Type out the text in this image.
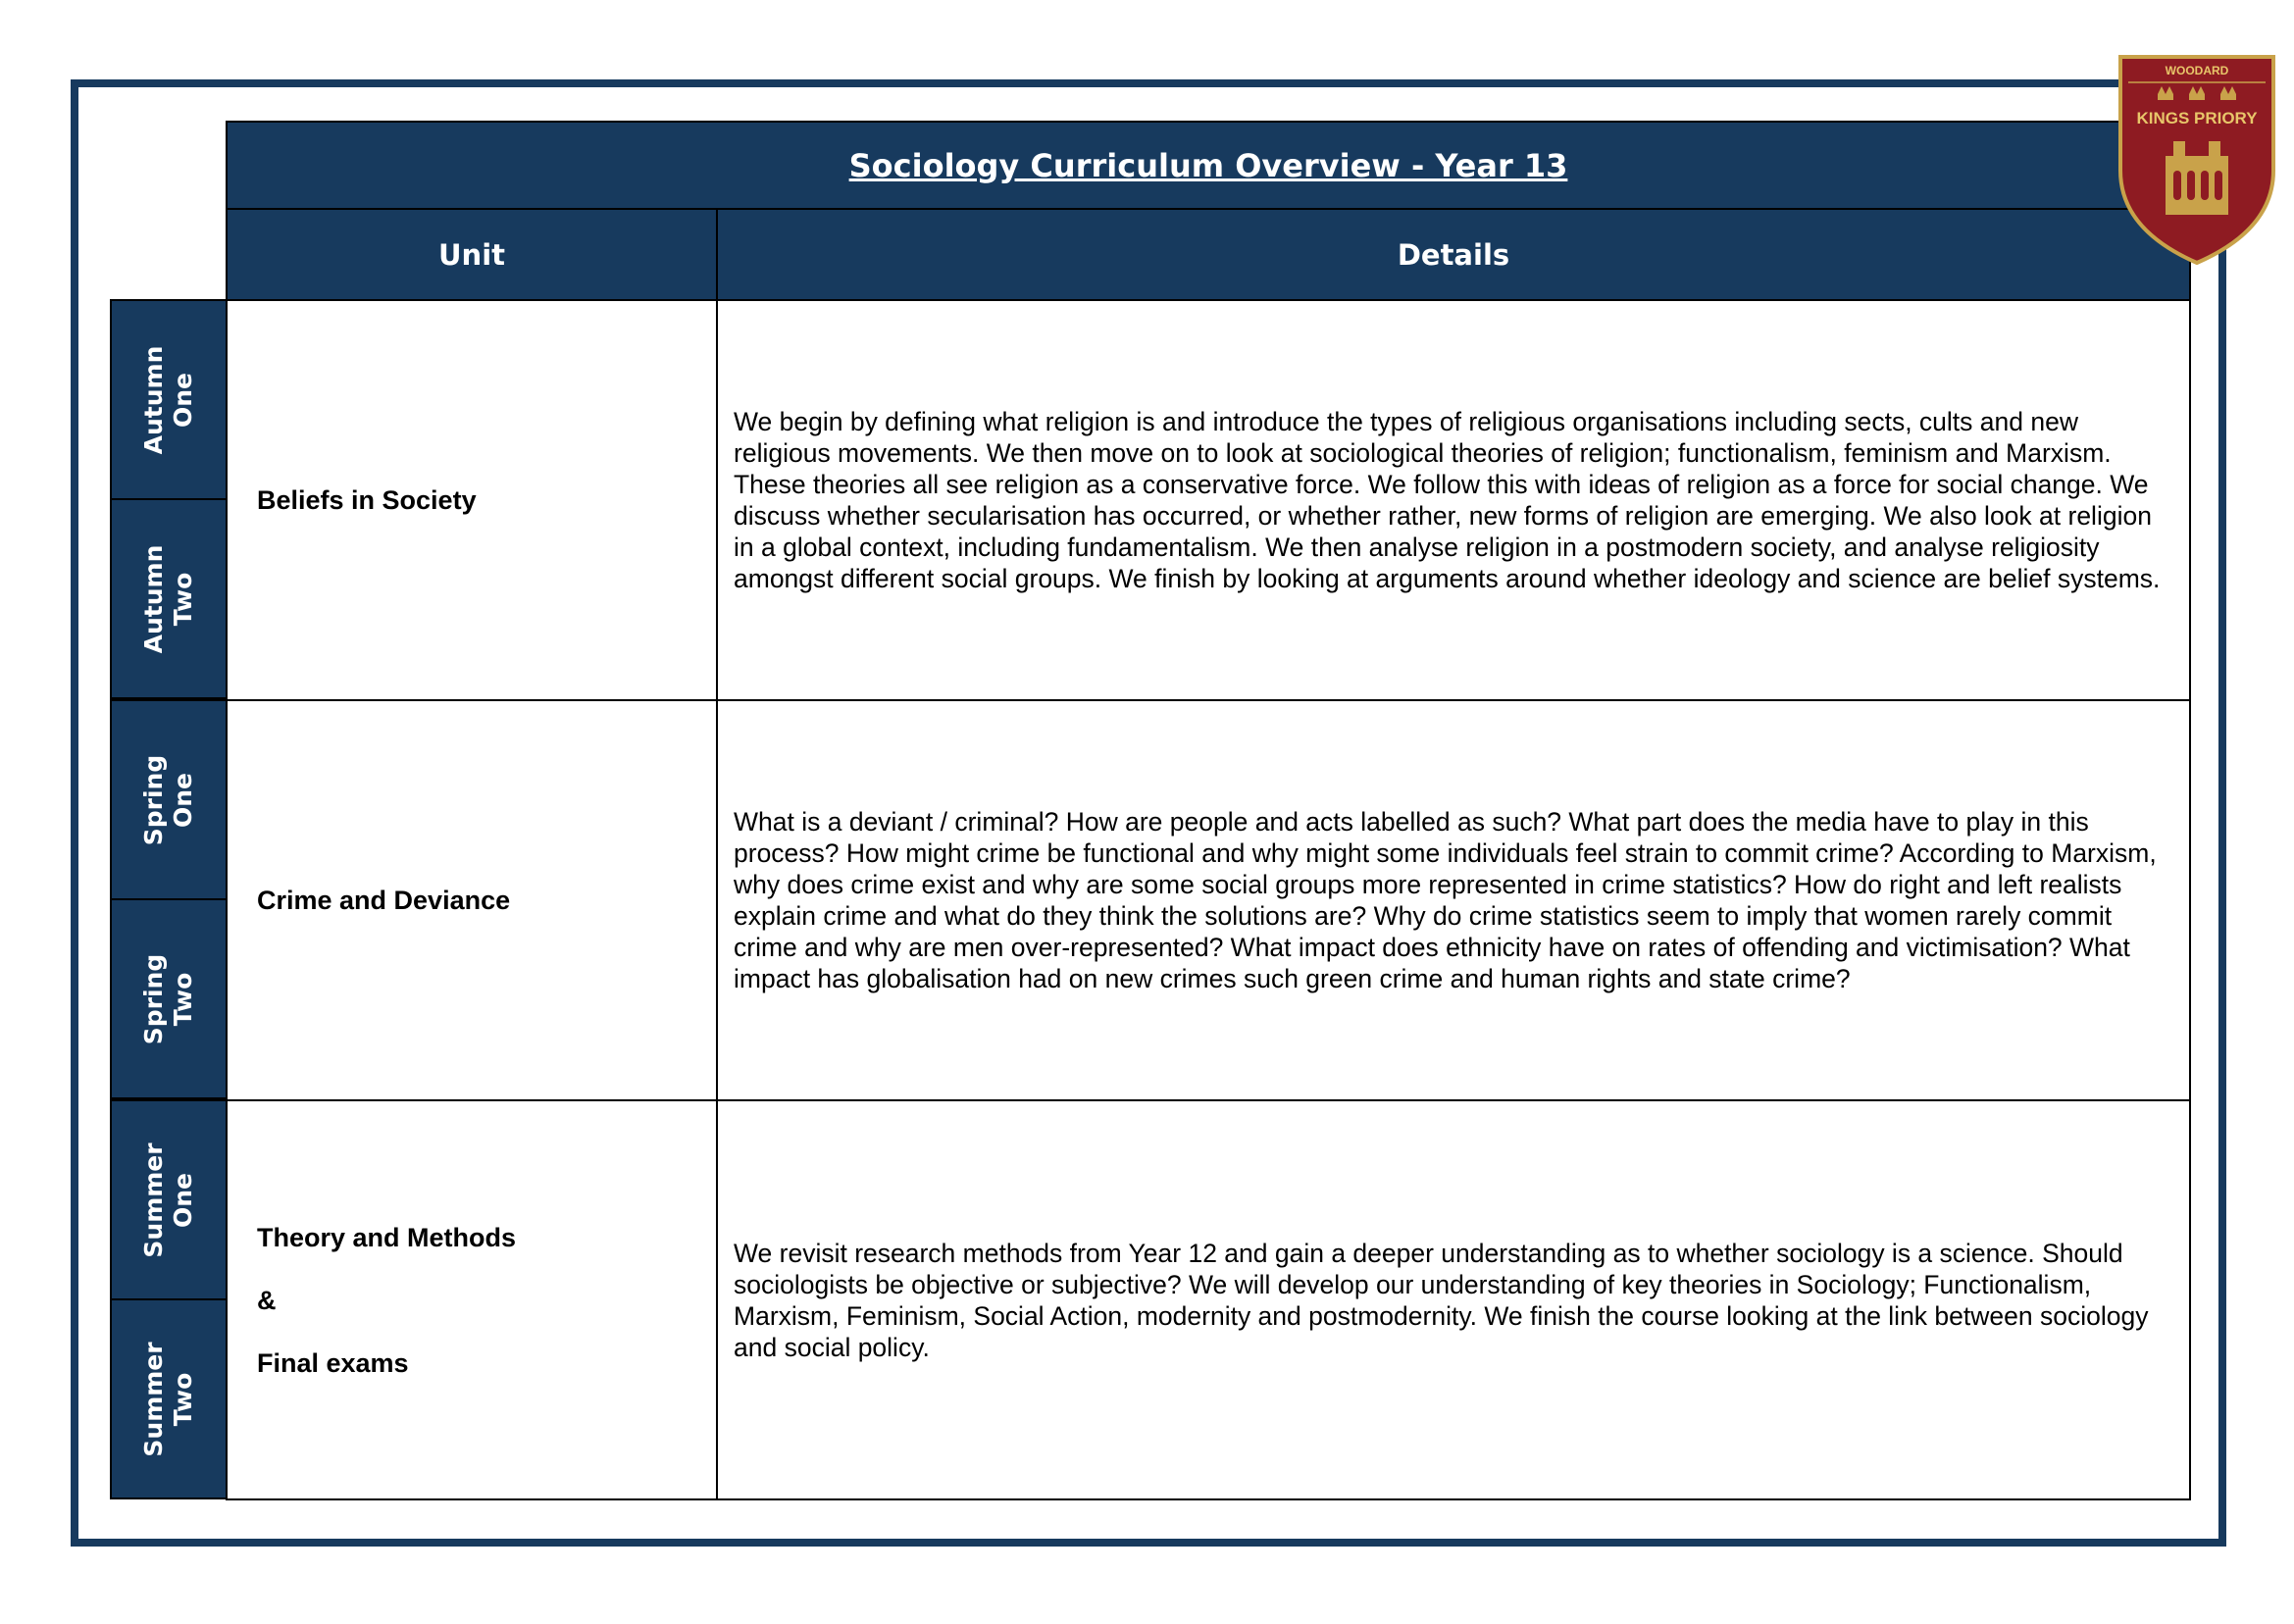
Sociology Curriculum Overview - Year 13
Unit	Details
Autumn
One
Autumn
Two
Spring
One
Spring
Two
Summer
One
Summer
Two
Beliefs in Society
We begin by defining what religion is and introduce the types of religious organisations including sects, cults and new religious movements. We then move on to look at sociological theories of religion; functionalism, feminism and Marxism. These theories all see religion as a conservative force. We follow this with ideas of religion as a force for social change. We discuss whether secularisation has occurred, or whether rather, new forms of religion are emerging. We also look at religion in a global context, including fundamentalism. We then analyse religion in a postmodern society, and analyse religiosity amongst different social groups. We finish by looking at arguments around whether ideology and science are belief systems.
Crime and Deviance
What is a deviant / criminal? How are people and acts labelled as such? What part does the media have to play in this process? How might crime be functional and why might some individuals feel strain to commit crime? According to Marxism, why does crime exist and why are some social groups more represented in crime statistics? How do right and left realists explain crime and what do they think the solutions are? Why do crime statistics seem to imply that women rarely commit crime and why are men over-represented? What impact does ethnicity have on rates of offending and victimisation? What impact has globalisation had on new crimes such green crime and human rights and state crime?

Theory and Methods

&

Final exams

We revisit research methods from Year 12 and gain a deeper understanding as to whether sociology is a science. Should sociologists be objective or subjective? We will develop our understanding of key theories in Sociology; Functionalism, Marxism, Feminism, Social Action, modernity and postmodernity. We finish the course looking at the link between sociology and social policy.
WOODARD
KINGS PRIORY
